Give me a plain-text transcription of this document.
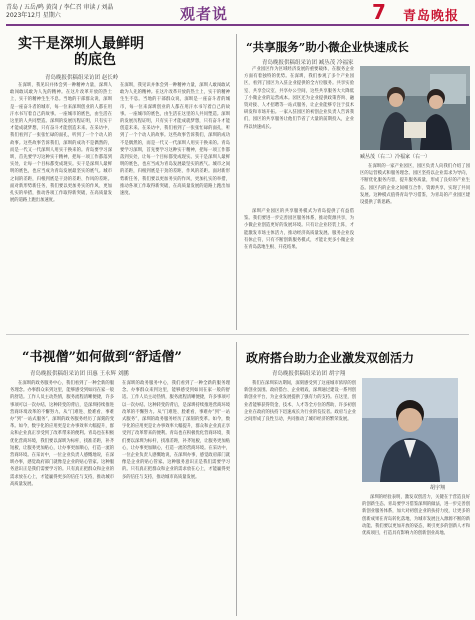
青岛 / 五岳/鸣 黄岗 / 李仁召 审读 / 刘晶
2023年12月 星期六	观者说	7 青岛晚报
实干是深圳人最鲜明
的底色
青岛晚报供稿组采访团 赵长岭
在深圳，我见识并体会到一种精神力量，深圳人敢闯敢试敢为人先的精神。在这片改革开放的热土上，实干的精神生生不息。当地的干部群众说，深圳是一座奋斗者的城市，每一位来深圳创业的人都在用汗水书写着自己的故事。一座城市的底色，由生活在这里的人共同塑造。深圳的发展历程证明，只有实干才能成就梦想，只有奋斗才能创造未来。在采访中，我们看到了一张张忙碌的面孔，听到了一个个动人的故事。这些故事告诉我们，深圳的成功不是偶然的，而是一代又一代深圳人用实干换来的。青岛要学习深圳，首先要学习这种实干精神，把每一项工作都落到实处，让每一个目标都变成现实。实干是深圳人最鲜明的底色，也应当成为青岛发展最坚实的底气。城市之间的差距，归根到底是干劲的差距、作风的差距。面对新形势新任务，我们要以更加务实的作风、更加扎实的举措，推动各项工作取得新突破，在高质量发展的道路上跑出加速度。
在深圳，我见识并体会到一种精神力量，深圳人敢闯敢试敢为人先的精神。在这片改革开放的热土上，实干的精神生生不息。当地的干部群众说，深圳是一座奋斗者的城市，每一位来深圳创业的人都在用汗水书写着自己的故事。一座城市的底色，由生活在这里的人共同塑造。深圳的发展历程证明，只有实干才能成就梦想，只有奋斗才能创造未来。在采访中，我们看到了一张张忙碌的面孔，听到了一个个动人的故事。这些故事告诉我们，深圳的成功不是偶然的，而是一代又一代深圳人用实干换来的。青岛要学习深圳，首先要学习这种实干精神，把每一项工作都落到实处，让每一个目标都变成现实。实干是深圳人最鲜明的底色，也应当成为青岛发展最坚实的底气。城市之间的差距，归根到底是干劲的差距、作风的差距。面对新形势新任务，我们要以更加务实的作风、更加扎实的举措，推动各项工作取得新突破，在高质量发展的道路上跑出加速度。
“共享服务”助小微企业快速成长
青岛晚报供稿组采访团 臧丛茂 冷福家
产业园区作为区域经济发展的重要载体，在服务企业方面有着独特的优势。在深圳，我们参观了多个产业园区，看到了园区为入驻企业提供的全方位服务。共享实验室、共享会议室、共享办公空间，这些共享服务大大降低了小微企业的运营成本。园区还为企业提供政策咨询、融资对接、人才招聘等一站式服务，让企业能够专注于技术研发和市场开拓。一家入驻园区的初创企业负责人告诉我们，园区的共享服务让他们节省了大量的前期投入，企业得以快速成长。
深圳产业园区的共享服务模式为青岛提供了有益借鉴。我们要进一步完善园区服务体系，推动资源共享，为小微企业创造更好的发展环境。只有让企业轻装上阵，才能激发市场主体活力，推动经济高质量发展。服务企业没有休止符，只有不断创新服务模式，才能让更多小微企业在青岛落地生根、开花结果。
臧丛茂（右二）冷福家（右一）
在深圳的一家产业园区，园区负责人向我们介绍了园区的运营模式和服务理念。园区坚持以企业需求为导向，不断优化服务内容，提升服务质量，形成了良好的产业生态。园区内的企业之间相互合作、资源共享，实现了共同发展。这种模式值得青岛学习借鉴，为青岛的产业园区建设提供了新思路。
“书视僧”如何做到“舒适僧”
青岛晚报供稿组采访团 田惠 王永辉 刘鹏
在深圳的政务服务中心，我们看到了一种全新的服务理念。办事群众来到这里，能够感受到如同在家一般的舒适。工作人员主动热情，服务流程清晰便捷，许多事项可以一次办结。这种转变的背后，是深圳持续推进营商环境改革的不懈努力。从“门难进、脸难看、事难办”到“一站式服务”，深圳的政务服务经历了深刻的变革。如今，数字化的应用更是让办事效率大幅提升，群众和企业真正享受到了改革带来的便利。青岛也在积极优化营商环境，我们要以深圳为标杆，找准差距，补齐短板，让服务更加贴心，让办事更加顺心，打造一流的营商环境。在采访中，一位企业负责人感慨地说，在深圳办事，感觉政府部门就像是企业的贴心管家。这种服务意识正是我们需要学习的。只有真正把群众和企业的需求放在心上，才能赢得更多的信任与支持，推动城市高质量发展。
在深圳的政务服务中心，我们看到了一种全新的服务理念。办事群众来到这里，能够感受到如同在家一般的舒适。工作人员主动热情，服务流程清晰便捷，许多事项可以一次办结。这种转变的背后，是深圳持续推进营商环境改革的不懈努力。从“门难进、脸难看、事难办”到“一站式服务”，深圳的政务服务经历了深刻的变革。如今，数字化的应用更是让办事效率大幅提升，群众和企业真正享受到了改革带来的便利。青岛也在积极优化营商环境，我们要以深圳为标杆，找准差距，补齐短板，让服务更加贴心，让办事更加顺心，打造一流的营商环境。在采访中，一位企业负责人感慨地说，在深圳办事，感觉政府部门就像是企业的贴心管家。这种服务意识正是我们需要学习的。只有真正把群众和企业的需求放在心上，才能赢得更多的信任与支持，推动城市高质量发展。
政府搭台助力企业激发双创活力
青岛晚报供稿组采访团 胡宇翔
我们在深圳采访期间，深刻感受到了这座城市浓厚的创新创业氛围。政府搭台、企业唱戏，深圳通过建设一系列创新创业平台，为企业发展提供了强有力的支持。在这里，创业者能够获得资金、技术、人才等全方位的帮助，许多初创企业在政府的扶持下迅速成长为行业的佼佼者。政府与企业之间形成了良性互动，共同推动了城市经济的繁荣发展。
胡宇翔
深圳的经验表明，激发双创活力，关键在于营造良好的创新生态。青岛要学习借鉴深圳的做法，进一步完善创新创业服务体系，加大对初创企业的扶持力度，让更多的创新成果在青岛转化落地，为城市发展注入源源不断的新动能。我们要以更加开放的姿态，吸引更多的创新人才和优质项目，打造具有影响力的创新创业高地。
